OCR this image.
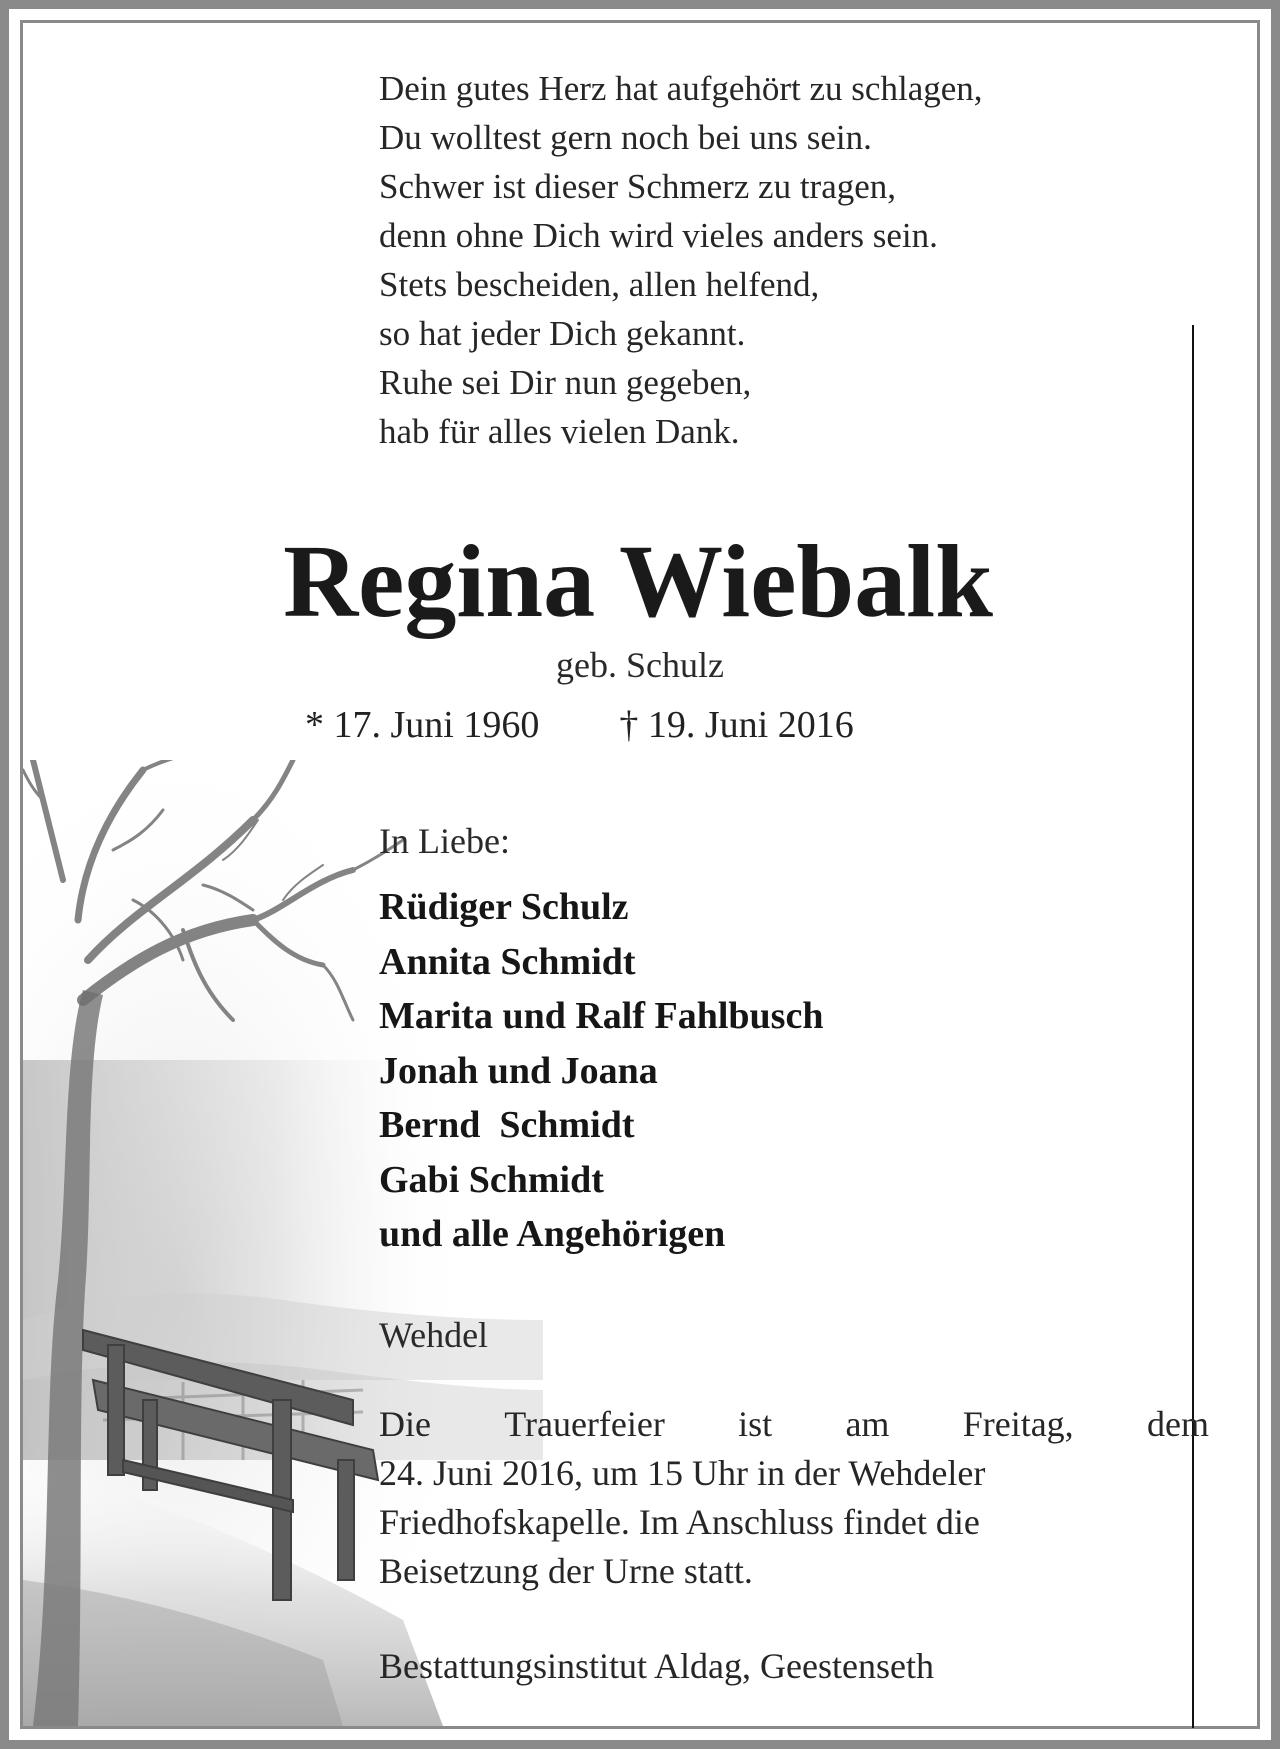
Dein gutes Herz hat aufgehört zu schlagen,
Du wolltest gern noch bei uns sein.
Schwer ist dieser Schmerz zu tragen,
denn ohne Dich wird vieles anders sein.
Stets bescheiden, allen helfend,
so hat jeder Dich gekannt.
Ruhe sei Dir nun gegeben,
hab für alles vielen Dank.
Regina Wiebalk
geb. Schulz
* 17. Juni 1960 † 19. Juni 2016
In Liebe:
Rüdiger Schulz
Annita Schmidt
Marita und Ralf Fahlbusch
Jonah und Joana
Bernd  Schmidt
Gabi Schmidt
und alle Angehörigen
Wehdel
Die Trauerfeier ist am Freitag, dem
24. Juni 2016, um 15 Uhr in der Wehdeler
Friedhofskapelle. Im Anschluss findet die
Beisetzung der Urne statt.
Bestattungsinstitut Aldag, Geestenseth
